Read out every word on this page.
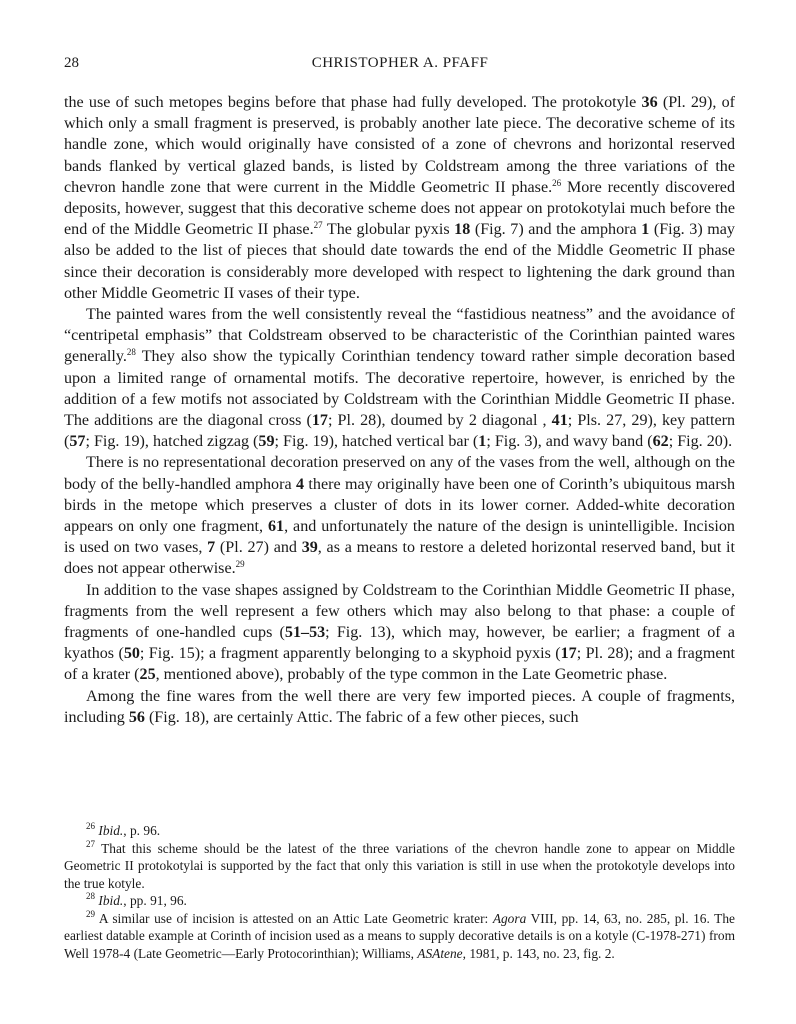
28	CHRISTOPHER A. PFAFF

the use of such metopes begins before that phase had fully developed. The protokotyle 36 (Pl. 29), of which only a small fragment is preserved, is probably another late piece. The decorative scheme of its handle zone, which would originally have consisted of a zone of chevrons and horizontal reserved bands flanked by vertical glazed bands, is listed by Coldstream among the three variations of the chevron handle zone that were current in the Middle Geometric II phase.$^{26}$ More recently discovered deposits, however, suggest that this decorative scheme does not appear on protokotylai much before the end of the Middle Geometric II phase.$^{27}$ The globular pyxis 18 (Fig. 7) and the amphora 1 (Fig. 3) may also be added to the list of pieces that should date towards the end of the Middle Geometric II phase since their decoration is considerably more developed with respect to lightening the dark ground than other Middle Geometric II vases of their type.

The painted wares from the well consistently reveal the “fastidious neatness” and the avoidance of “centripetal emphasis” that Coldstream observed to be characteristic of the Corinthian painted wares generally.$^{28}$ They also show the typically Corinthian tendency toward rather simple decoration based upon a limited range of ornamental motifs. The decorative repertoire, however, is enriched by the addition of a few motifs not associated by Coldstream with the Corinthian Middle Geometric II phase. The additions are the diagonal cross (17; Pl. 28), doumed by 2 diagonal , 41; Pls. 27, 29), key pattern (57; Fig. 19), hatched zigzag (59; Fig. 19), hatched vertical bar (1; Fig. 3), and wavy band (62; Fig. 20).

There is no representational decoration preserved on any of the vases from the well, although on the body of the belly-handled amphora 4 there may originally have been one of Corinth’s ubiquitous marsh birds in the metope which preserves a cluster of dots in its lower corner. Added-white decoration appears on only one fragment, 61, and unfortunately the nature of the design is unintelligible. Incision is used on two vases, 7 (Pl. 27) and 39, as a means to restore a deleted horizontal reserved band, but it does not appear otherwise.$^{29}$

In addition to the vase shapes assigned by Coldstream to the Corinthian Middle Geometric II phase, fragments from the well represent a few others which may also belong to that phase: a couple of fragments of one-handled cups (51–53; Fig. 13), which may, however, be earlier; a fragment of a kyathos (50; Fig. 15); a fragment apparently belonging to a skyphoid pyxis (17; Pl. 28); and a fragment of a krater (25, mentioned above), probably of the type common in the Late Geometric phase.

Among the fine wares from the well there are very few imported pieces. A couple of fragments, including 56 (Fig. 18), are certainly Attic. The fabric of a few other pieces, such

$^{26}$ Ibid., p. 96.

$^{27}$ That this scheme should be the latest of the three variations of the chevron handle zone to appear on Middle Geometric II protokotylai is supported by the fact that only this variation is still in use when the protokotyle develops into the true kotyle.

$^{28}$ Ibid., pp. 91, 96.

$^{29}$ A similar use of incision is attested on an Attic Late Geometric krater: Agora VIII, pp. 14, 63, no. 285, pl. 16. The earliest datable example at Corinth of incision used as a means to supply decorative details is on a kotyle (C-1978-271) from Well 1978-4 (Late Geometric—Early Protocorinthian); Williams, ASAtene, 1981, p. 143, no. 23, fig. 2.
